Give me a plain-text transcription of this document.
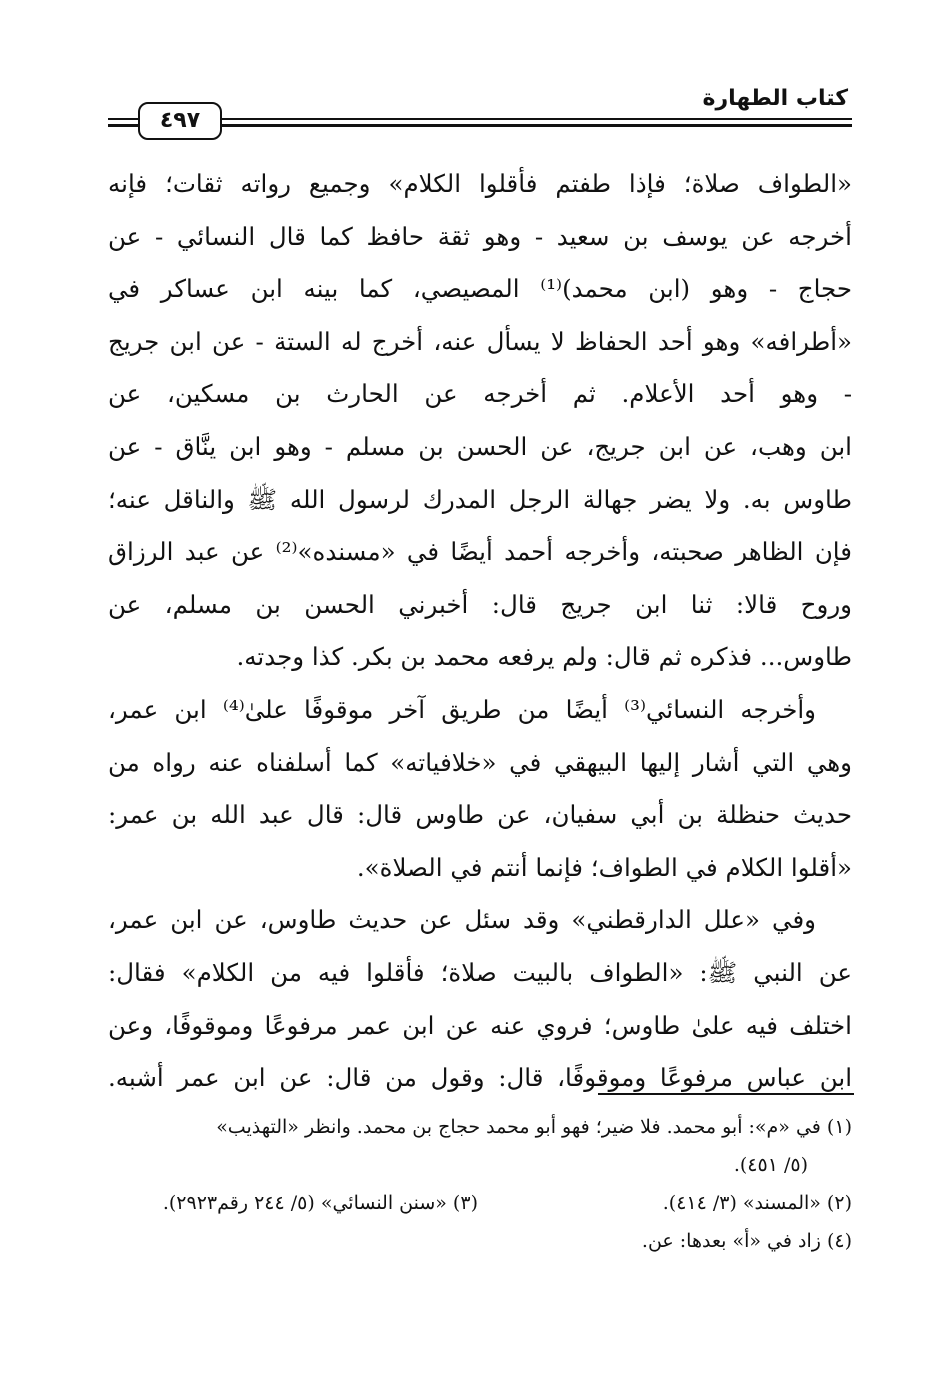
كتاب الطهارة
٤٩٧
«الطواف صلاة؛ فإذا طفتم فأقلوا الكلام» وجميع رواته ثقات؛ فإنه
أخرجه عن يوسف بن سعيد - وهو ثقة حافظ كما قال النسائي - عن
حجاج - وهو (ابن محمد)⁽¹⁾ المصيصي، كما بينه ابن عساكر في
«أطرافه» وهو أحد الحفاظ لا يسأل عنه، أخرج له الستة - عن ابن جريج
- وهو أحد الأعلام. ثم أخرجه عن الحارث بن مسكين، عن
ابن وهب، عن ابن جريج، عن الحسن بن مسلم - وهو ابن ينَّاق - عن
طاوس به. ولا يضر جهالة الرجل المدرك لرسول الله ﷺ والناقل عنه؛
فإن الظاهر صحبته، وأخرجه أحمد أيضًا في «مسنده»⁽²⁾ عن عبد الرزاق
وروح قالا: ثنا ابن جريج قال: أخبرني الحسن بن مسلم، عن
طاوس... فذكره ثم قال: ولم يرفعه محمد بن بكر. كذا وجدته.
وأخرجه النسائي⁽³⁾ أيضًا من طريق آخر موقوفًا علىٰ⁽⁴⁾ ابن عمر،
وهي التي أشار إليها البيهقي في «خلافياته» كما أسلفناه عنه رواه من
حديث حنظلة بن أبي سفيان، عن طاوس قال: قال عبد الله بن عمر:
«أقلوا الكلام في الطواف؛ فإنما أنتم في الصلاة».
وفي «علل الدارقطني» وقد سئل عن حديث طاوس، عن ابن عمر،
عن النبي ﷺ: «الطواف بالبيت صلاة؛ فأقلوا فيه من الكلام» فقال:
اختلف فيه علىٰ طاوس؛ فروي عنه عن ابن عمر مرفوعًا وموقوفًا، وعن
ابن عباس مرفوعًا وموقوفًا، قال: وقول من قال: عن ابن عمر أشبه.
(١) في «م»: أبو محمد. فلا ضير؛ فهو أبو محمد حجاج بن محمد. وانظر «التهذيب»
(٥/ ٤٥١).
(٢) «المسند» (٣/ ٤١٤).
(٣) «سنن النسائي» (٥/ ٢٤٤ رقم٢٩٢٣).
(٤) زاد في «أ» بعدها: عن.
